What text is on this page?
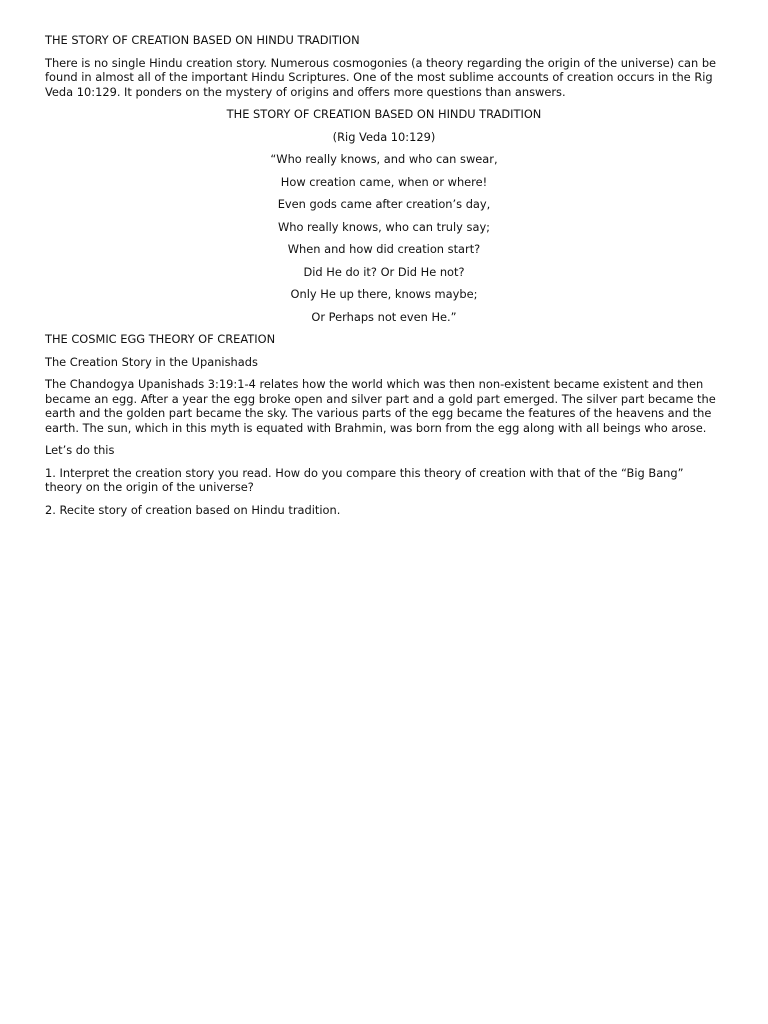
THE STORY OF CREATION BASED ON HINDU TRADITION

There is no single Hindu creation story. Numerous cosmogonies (a theory regarding the origin of the universe) can be found in almost all of the important Hindu Scriptures. One of the most sublime accounts of creation occurs in the Rig Veda 10:129. It ponders on the mystery of origins and offers more questions than answers.

THE STORY OF CREATION BASED ON HINDU TRADITION

(Rig Veda 10:129)

“Who really knows, and who can swear,

How creation came, when or where!

Even gods came after creation’s day,

Who really knows, who can truly say;

When and how did creation start?

Did He do it? Or Did He not?

Only He up there, knows maybe;

Or Perhaps not even He.”

THE COSMIC EGG THEORY OF CREATION

The Creation Story in the Upanishads

The Chandogya Upanishads 3:19:1-4 relates how the world which was then non-existent became existent and then became an egg. After a year the egg broke open and silver part and a gold part emerged. The silver part became the earth and the golden part became the sky. The various parts of the egg became the features of the heavens and the earth. The sun, which in this myth is equated with Brahmin, was born from the egg along with all beings who arose.

Let’s do this

1. Interpret the creation story you read. How do you compare this theory of creation with that of the “Big Bang” theory on the origin of the universe?

2. Recite story of creation based on Hindu tradition.
